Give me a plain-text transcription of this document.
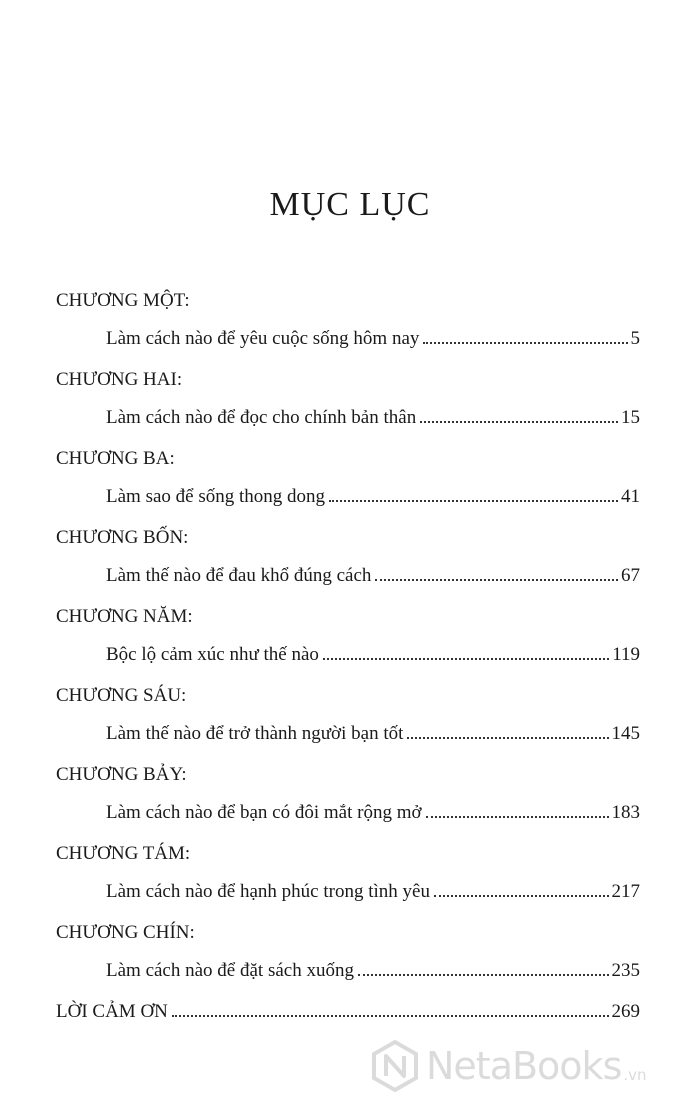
MỤC LỤC
CHƯƠNG MỘT:
Làm cách nào để yêu cuộc sống hôm nay	5
CHƯƠNG HAI:
Làm cách nào để đọc cho chính bản thân	15
CHƯƠNG BA:
Làm sao để sống thong dong	41
CHƯƠNG BỐN:
Làm thế nào để đau khổ đúng cách	67
CHƯƠNG NĂM:
Bộc lộ cảm xúc như thế nào	119
CHƯƠNG SÁU:
Làm thế nào để trở thành người bạn tốt	145
CHƯƠNG BẢY:
Làm cách nào để bạn có đôi mắt rộng mở	183
CHƯƠNG TÁM:
Làm cách nào để hạnh phúc trong tình yêu	217
CHƯƠNG CHÍN:
Làm cách nào để đặt sách xuống	235
LỜI CẢM ƠN	269
NetaBooks .vn
